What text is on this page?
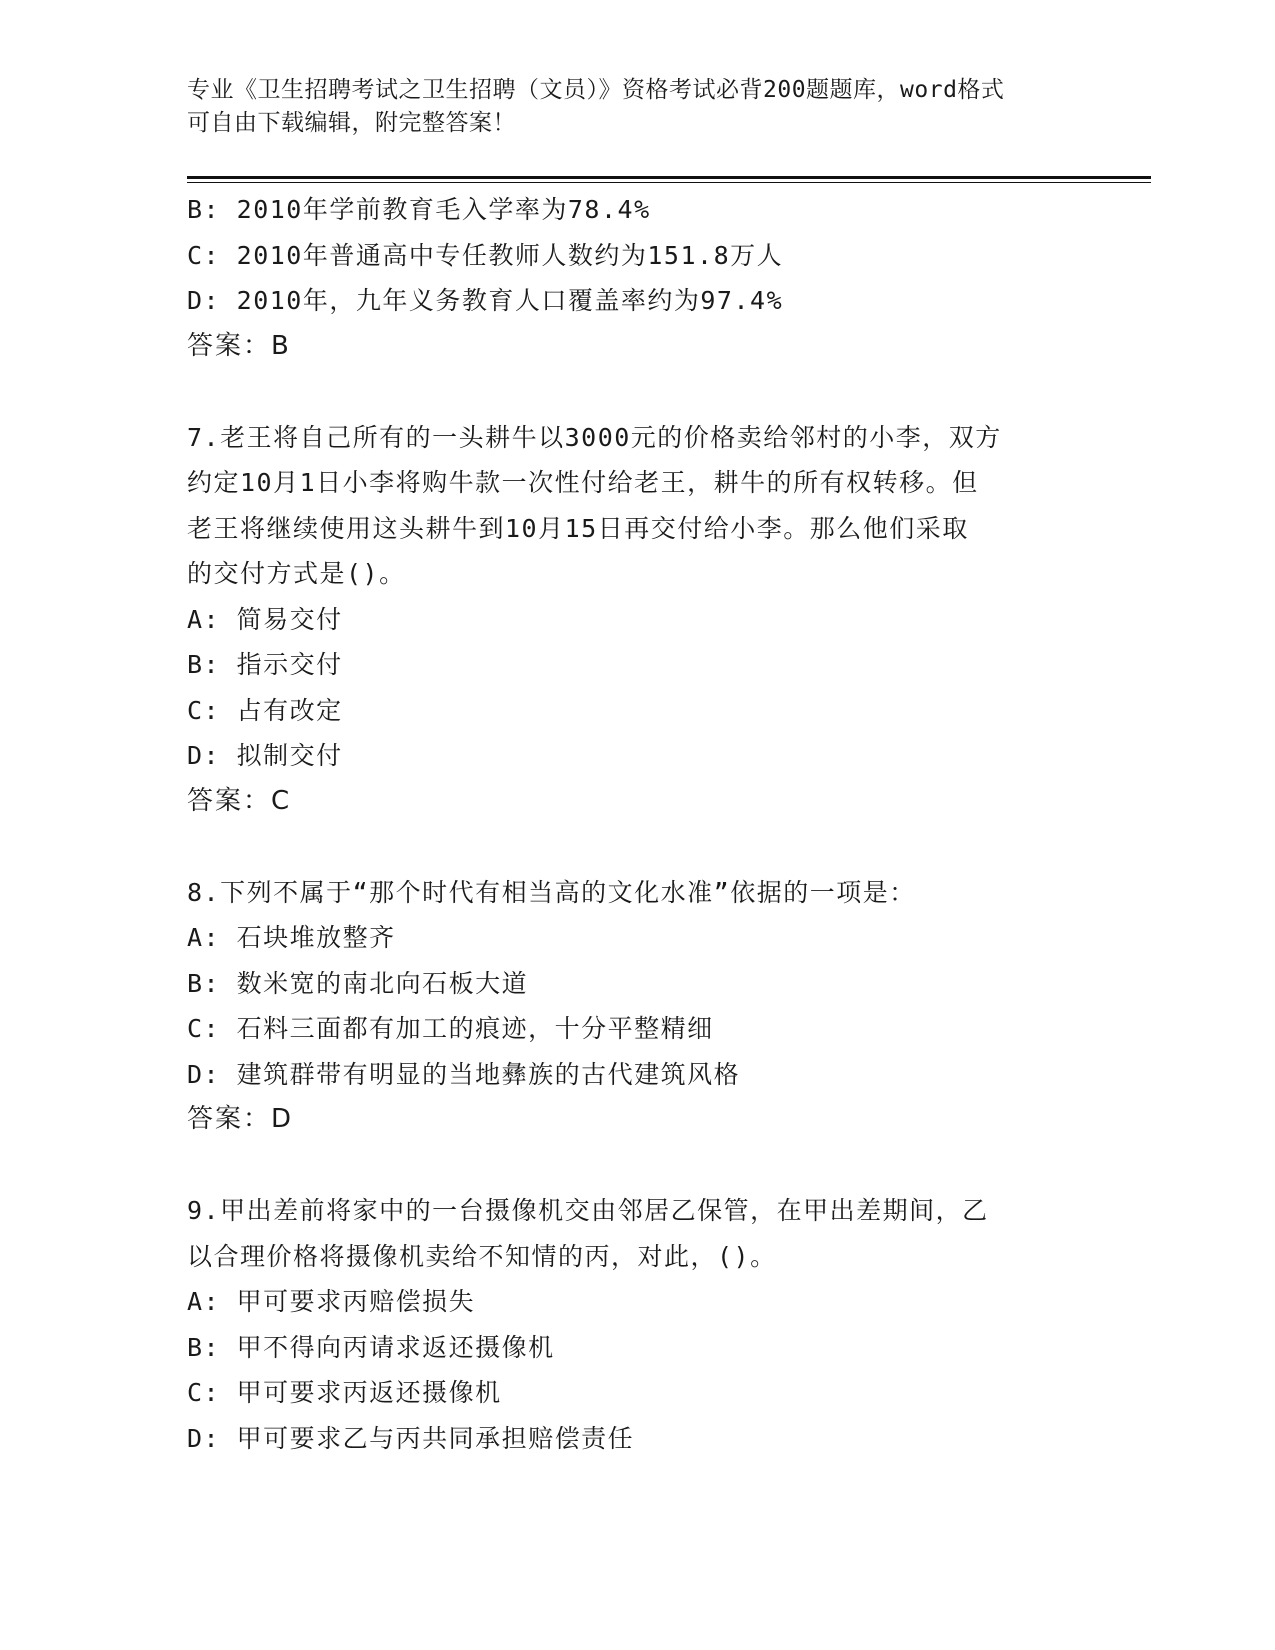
专业《卫生招聘考试之卫生招聘（文员）》资格考试必背200题题库，word格式
可自由下载编辑，附完整答案！
B: 2010年学前教育毛入学率为78.4%
C: 2010年普通高中专任教师人数约为151.8万人
D: 2010年，九年义务教育人口覆盖率约为97.4%
答案：B
7.老王将自己所有的一头耕牛以3000元的价格卖给邻村的小李，双方
约定10月1日小李将购牛款一次性付给老王，耕牛的所有权转移。但
老王将继续使用这头耕牛到10月15日再交付给小李。那么他们采取
的交付方式是()。
A: 简易交付
B: 指示交付
C: 占有改定
D: 拟制交付
答案：C
8.下列不属于“那个时代有相当高的文化水准”依据的一项是：
A: 石块堆放整齐
B: 数米宽的南北向石板大道
C: 石料三面都有加工的痕迹，十分平整精细
D: 建筑群带有明显的当地彝族的古代建筑风格
答案：D
9.甲出差前将家中的一台摄像机交由邻居乙保管，在甲出差期间，乙
以合理价格将摄像机卖给不知情的丙，对此，()。
A: 甲可要求丙赔偿损失
B: 甲不得向丙请求返还摄像机
C: 甲可要求丙返还摄像机
D: 甲可要求乙与丙共同承担赔偿责任
